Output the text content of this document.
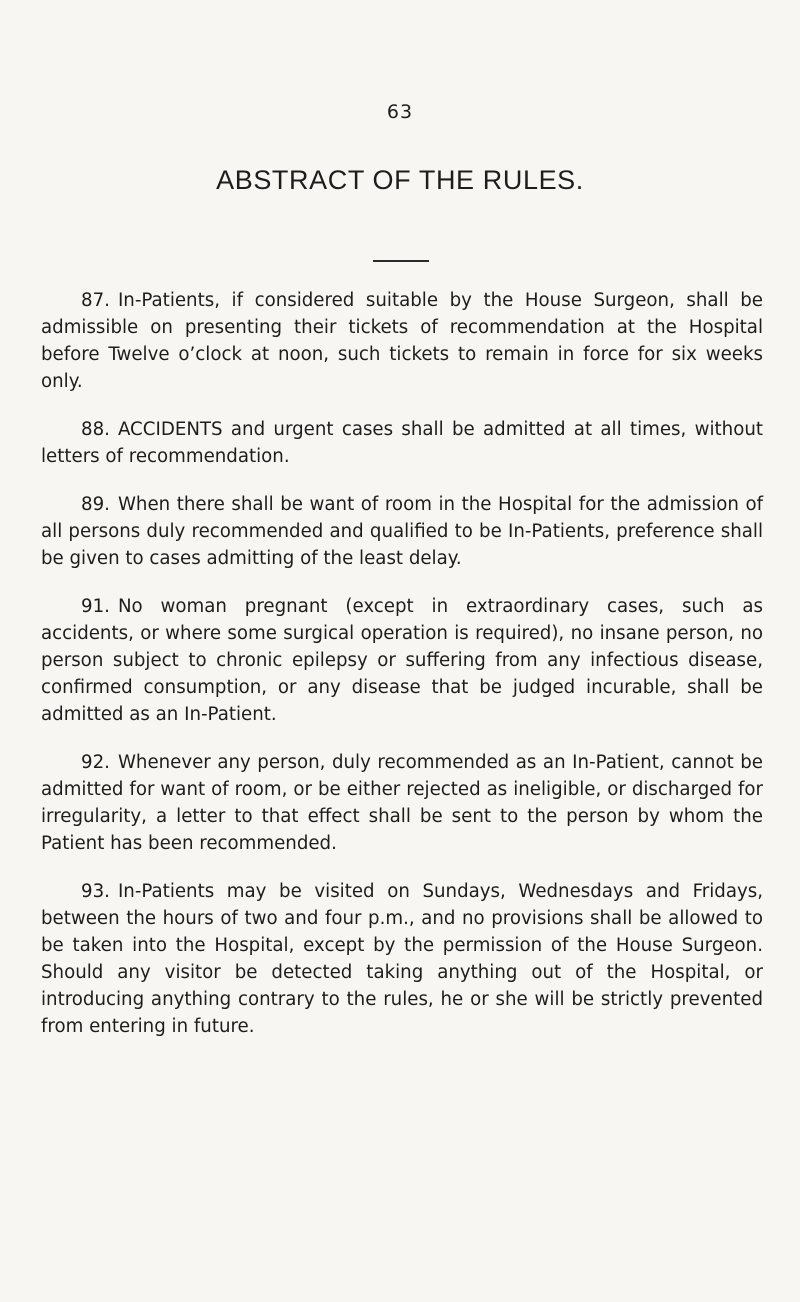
63
ABSTRACT OF THE RULES.

87. In-Patients, if considered suitable by the House Surgeon, shall be admissible on presenting their tickets of recommendation at the Hospital before Twelve o’clock at noon, such tickets to remain in force for six weeks only.

88. ACCIDENTS and urgent cases shall be admitted at all times, without letters of recommendation.

89. When there shall be want of room in the Hospital for the admission of all persons duly recommended and qualified to be In-Patients, preference shall be given to cases admitting of the least delay.

91. No woman pregnant (except in extraordinary cases, such as accidents, or where some surgical operation is required), no insane person, no person subject to chronic epilepsy or suffering from any infectious disease, confirmed consumption, or any disease that be judged incurable, shall be admitted as an In-Patient.

92. Whenever any person, duly recommended as an In-Patient, cannot be admitted for want of room, or be either rejected as ineligible, or discharged for irregularity, a letter to that effect shall be sent to the person by whom the Patient has been recommended.

93. In-Patients may be visited on Sundays, Wednesdays and Fridays, between the hours of two and four p.m., and no provisions shall be allowed to be taken into the Hospital, except by the permission of the House Surgeon. Should any visitor be detected taking anything out of the Hospital, or introducing anything contrary to the rules, he or she will be strictly prevented from entering in future.
